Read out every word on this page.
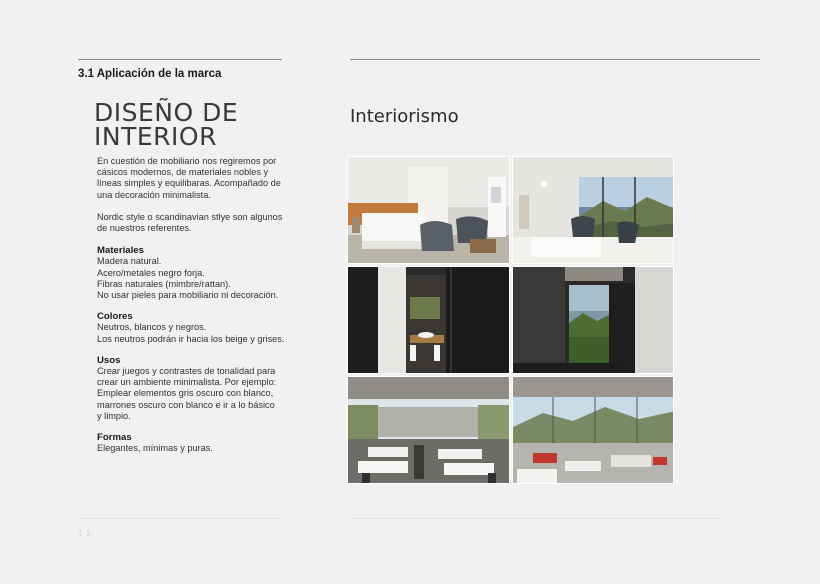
3.1 Aplicación de la marca
DISEÑO DE
INTERIOR

En cuestión de mobiliario nos regiremos por
cásicos modernos, de materiales nobles y
líneas simples y equilibaras. Acompañado de
una decoración minimalista.

Nordic style o scandinavian stlye son algunos
de nuestros referentes.

Materiales

Madera natural.
Acero/metales negro forja.
Fibras naturales (mimbre/rattan).
No usar pieles para mobiliario ni decoración.

Colores

Neutros, blancos y negros.
Los neutros podrán ir hacia los beige y grises.

Usos

Crear juegos y contrastes de tonalidad para
crear un ambiente minimalista. Por ejemplo:
Emplear elementos gris oscuro con blanco,
marrones oscuro con blanco e ir a lo básico
y limpio.

Formas

Elegantes, mínimas y puras.

Interiorismo
1 1
